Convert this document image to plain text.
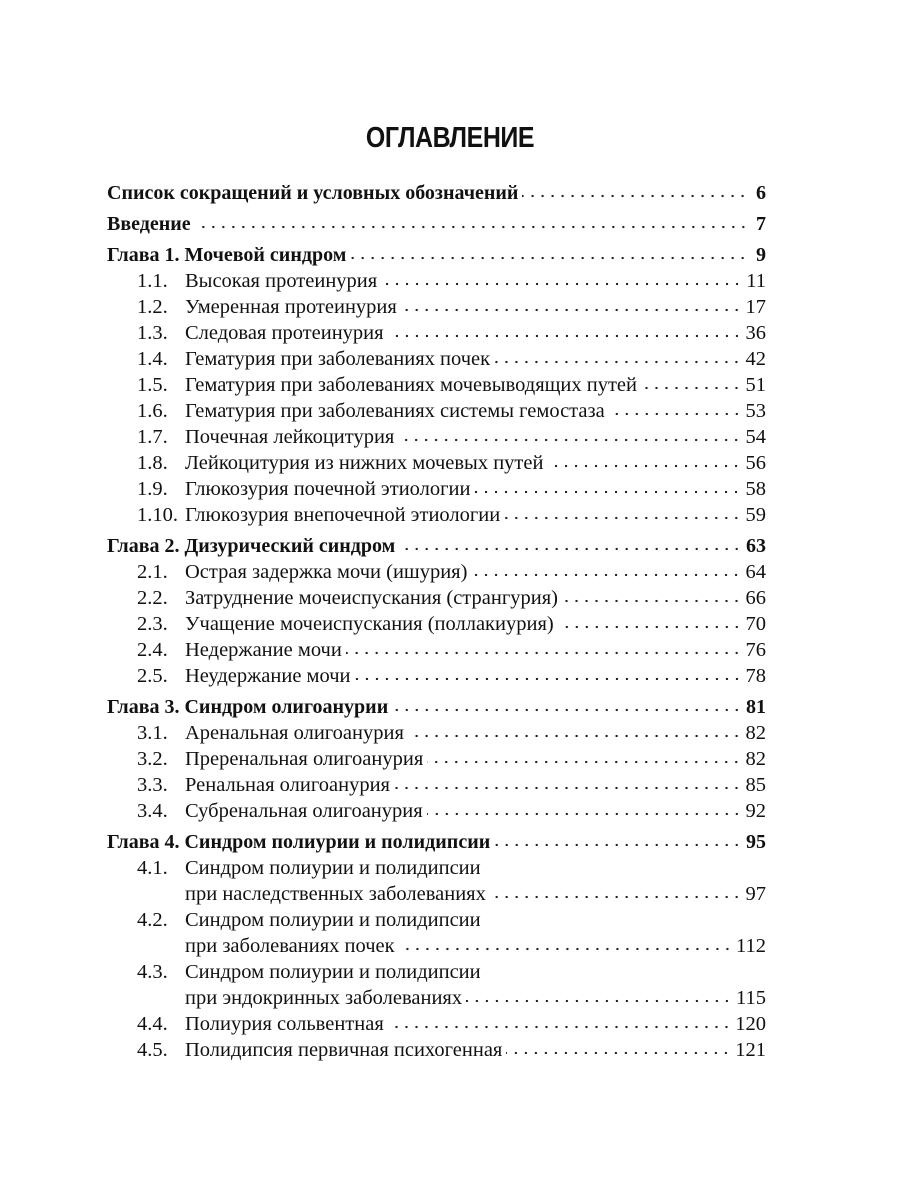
ОГЛАВЛЕНИЕ
Список сокращений и условных обозначений	6
Введение	7
Глава 1. Мочевой синдром	9
1.1. Высокая протеинурия	11
1.2. Умеренная протеинурия	17
1.3. Следовая протеинурия	36
1.4. Гематурия при заболеваниях почек	42
1.5. Гематурия при заболеваниях мочевыводящих путей	51
1.6. Гематурия при заболеваниях системы гемостаза	53
1.7. Почечная лейкоцитурия	54
1.8. Лейкоцитурия из нижних мочевых путей	56
1.9. Глюкозурия почечной этиологии	58
1.10. Глюкозурия внепочечной этиологии	59
Глава 2. Дизурический синдром	63
2.1. Острая задержка мочи (ишурия)	64
2.2. Затруднение мочеиспускания (странгурия)	66
2.3. Учащение мочеиспускания (поллакиурия)	70
2.4. Недержание мочи	76
2.5. Неудержание мочи	78
Глава 3. Синдром олигоанурии	81
3.1. Аренальная олигоанурия	82
3.2. Преренальная олигоанурия	82
3.3. Ренальная олигоанурия	85
3.4. Субренальная олигоанурия	92
Глава 4. Синдром полиурии и полидипсии	95
4.1. Синдром полиурии и полидипсии
при наследственных заболеваниях	97
4.2. Синдром полиурии и полидипсии
при заболеваниях почек	112
4.3. Синдром полиурии и полидипсии
при эндокринных заболеваниях	115
4.4. Полиурия сольвентная	120
4.5. Полидипсия первичная психогенная	121
